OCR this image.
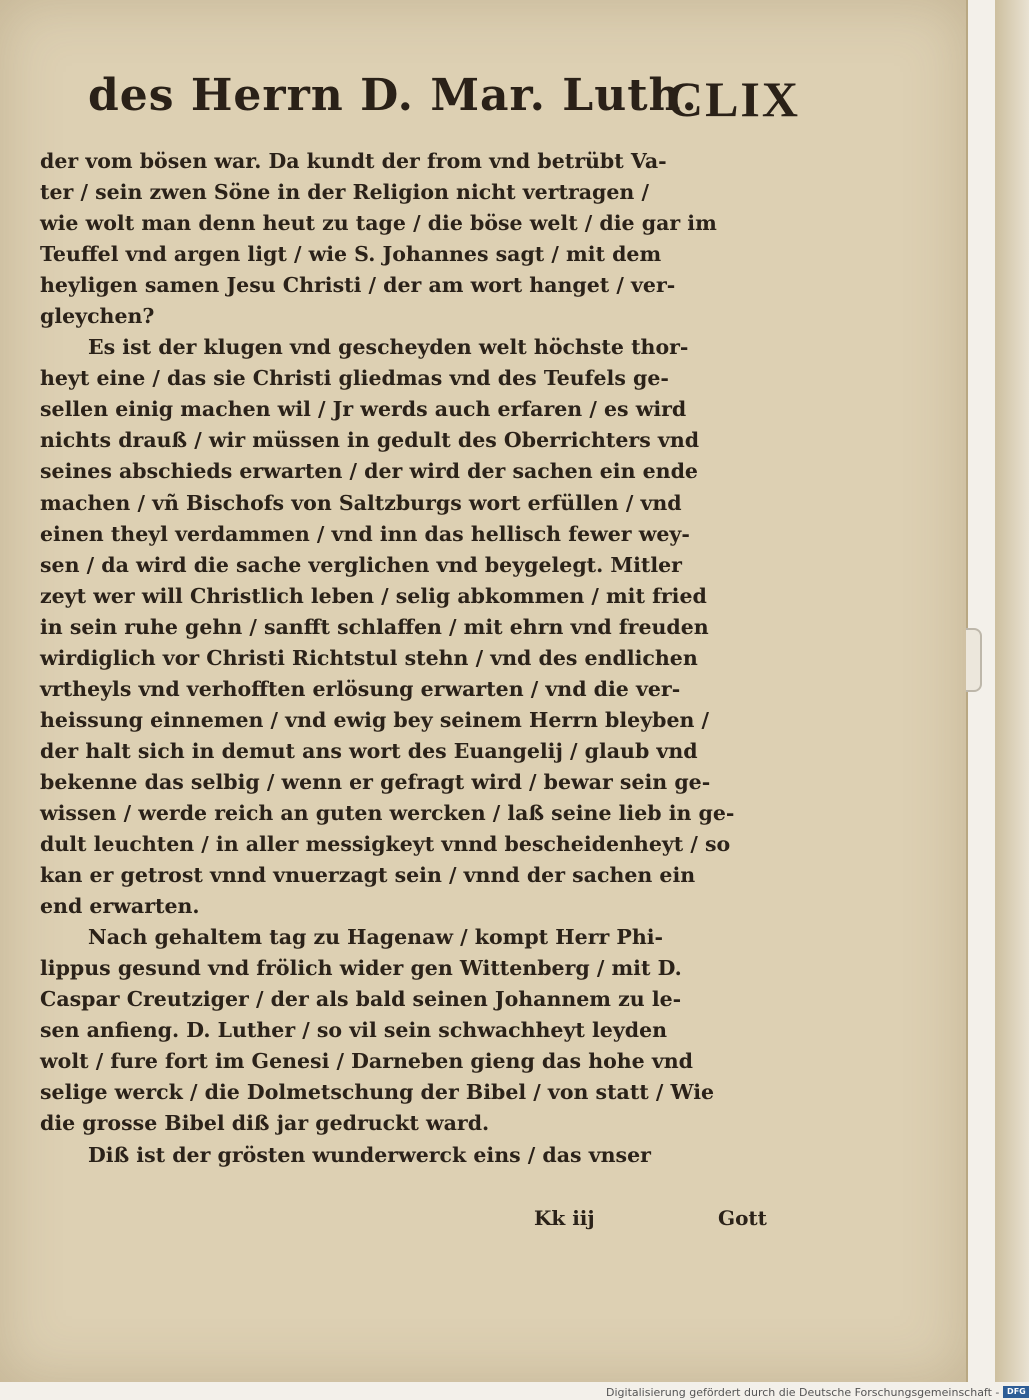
des Herrn D. Mar. Luth.
CLIX
der vom bösen war. Da kundt der from vnd betrübt Va-
ter / sein zwen Söne in der Religion nicht vertragen /
wie wolt man denn heut zu tage / die böse welt / die gar im
Teuffel vnd argen ligt / wie S. Johannes sagt / mit dem
heyligen samen Jesu Christi / der am wort hanget / ver-
gleychen?
Es ist der klugen vnd gescheyden welt höchste thor-
heyt eine / das sie Christi gliedmas vnd des Teufels ge-
sellen einig machen wil / Jr werds auch erfaren / es wird
nichts drauß / wir müssen in gedult des Oberrichters vnd
seines abschieds erwarten / der wird der sachen ein ende
machen / vñ Bischofs von Saltzburgs wort erfüllen / vnd
einen theyl verdammen / vnd inn das hellisch fewer wey-
sen / da wird die sache verglichen vnd beygelegt. Mitler
zeyt wer will Christlich leben / selig abkommen / mit fried
in sein ruhe gehn / sanfft schlaffen / mit ehrn vnd freuden
wirdiglich vor Christi Richtstul stehn / vnd des endlichen
vrtheyls vnd verhofften erlösung erwarten / vnd die ver-
heissung einnemen / vnd ewig bey seinem Herrn bleyben /
der halt sich in demut ans wort des Euangelij / glaub vnd
bekenne das selbig / wenn er gefragt wird / bewar sein ge-
wissen / werde reich an guten wercken / laß seine lieb in ge-
dult leuchten / in aller messigkeyt vnnd bescheidenheyt / so
kan er getrost vnnd vnuerzagt sein / vnnd der sachen ein
end erwarten.
Nach gehaltem tag zu Hagenaw / kompt Herr Phi-
lippus gesund vnd frölich wider gen Wittenberg / mit D.
Caspar Creutziger / der als bald seinen Johannem zu le-
sen anfieng. D. Luther / so vil sein schwachheyt leyden
wolt / fure fort im Genesi / Darneben gieng das hohe vnd
selige werck / die Dolmetschung der Bibel / von statt / Wie
die grosse Bibel diß jar gedruckt ward.
Diß ist der grösten wunderwerck eins / das vnser
Kk iij	Gott
Digitalisierung gefördert durch die Deutsche Forschungsgemeinschaft - DFG
